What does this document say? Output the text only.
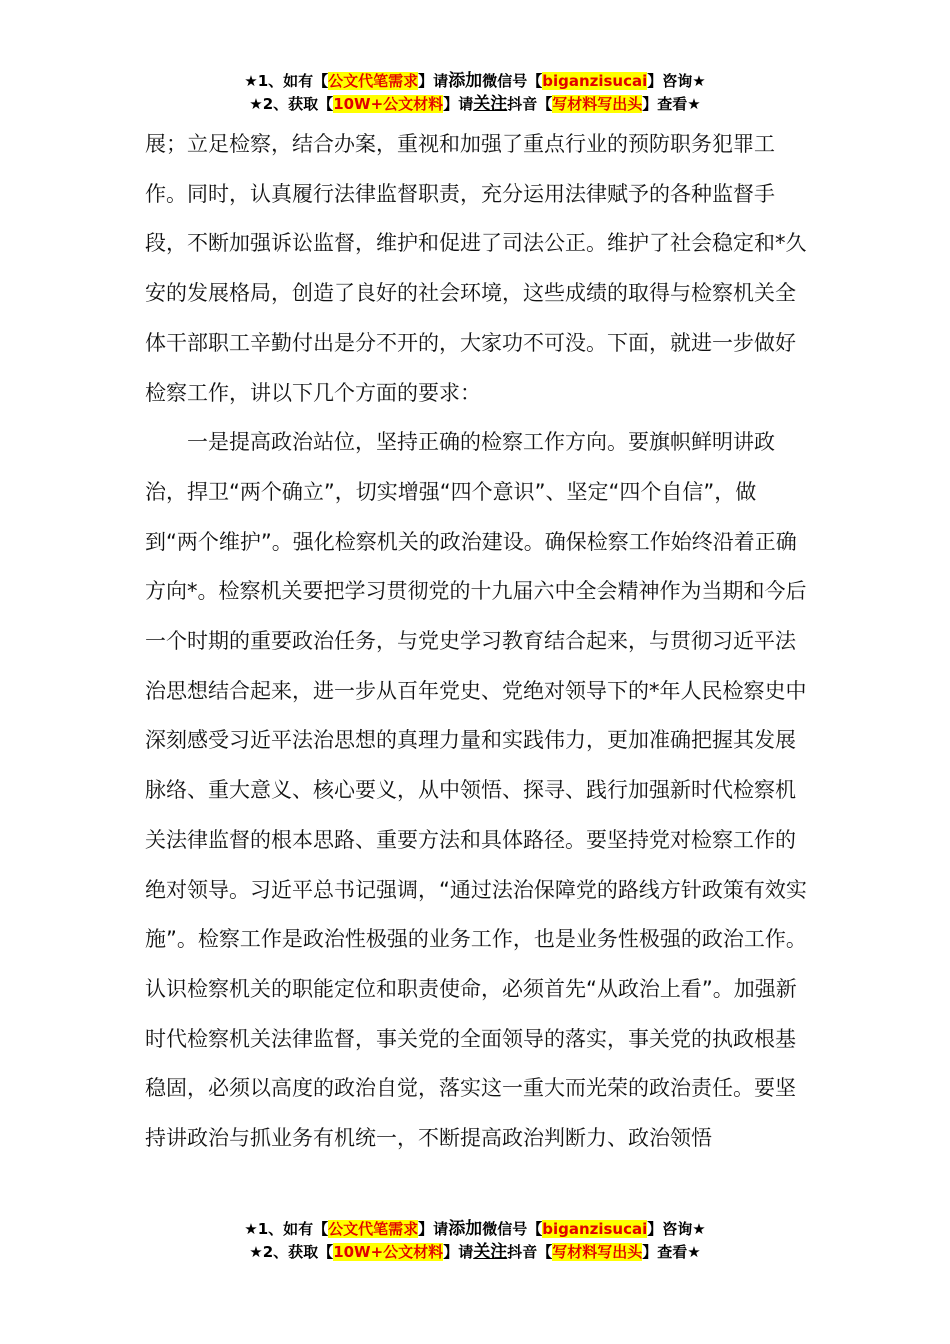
★1、如有【公文代笔需求】请添加微信号【biganzisucai】咨询★
★2、获取【10W+公文材料】请关注抖音【写材料写出头】查看★

展；立足检察，结合办案，重视和加强了重点行业的预防职务犯罪工作。同时，认真履行法律监督职责，充分运用法律赋予的各种监督手段，不断加强诉讼监督，维护和促进了司法公正。维护了社会稳定和*久安的发展格局，创造了良好的社会环境，这些成绩的取得与检察机关全体干部职工辛勤付出是分不开的，大家功不可没。下面，就进一步做好检察工作，讲以下几个方面的要求：

一是提高政治站位，坚持正确的检察工作方向。要旗帜鲜明讲政治，捍卫“两个确立”，切实增强“四个意识”、坚定“四个自信”，做到“两个维护”。强化检察机关的政治建设。确保检察工作始终沿着正确方向*。检察机关要把学习贯彻党的十九届六中全会精神作为当期和今后一个时期的重要政治任务，与党史学习教育结合起来，与贯彻习近平法治思想结合起来，进一步从百年党史、党绝对领导下的*年人民检察史中深刻感受习近平法治思想的真理力量和实践伟力，更加准确把握其发展脉络、重大意义、核心要义，从中领悟、探寻、践行加强新时代检察机关法律监督的根本思路、重要方法和具体路径。要坚持党对检察工作的绝对领导。习近平总书记强调，“通过法治保障党的路线方针政策有效实施”。检察工作是政治性极强的业务工作，也是业务性极强的政治工作。认识检察机关的职能定位和职责使命，必须首先“从政治上看”。加强新时代检察机关法律监督，事关党的全面领导的落实，事关党的执政根基稳固，必须以高度的政治自觉，落实这一重大而光荣的政治责任。要坚持讲政治与抓业务有机统一，不断提高政治判断力、政治领悟

★1、如有【公文代笔需求】请添加微信号【biganzisucai】咨询★
★2、获取【10W+公文材料】请关注抖音【写材料写出头】查看★
